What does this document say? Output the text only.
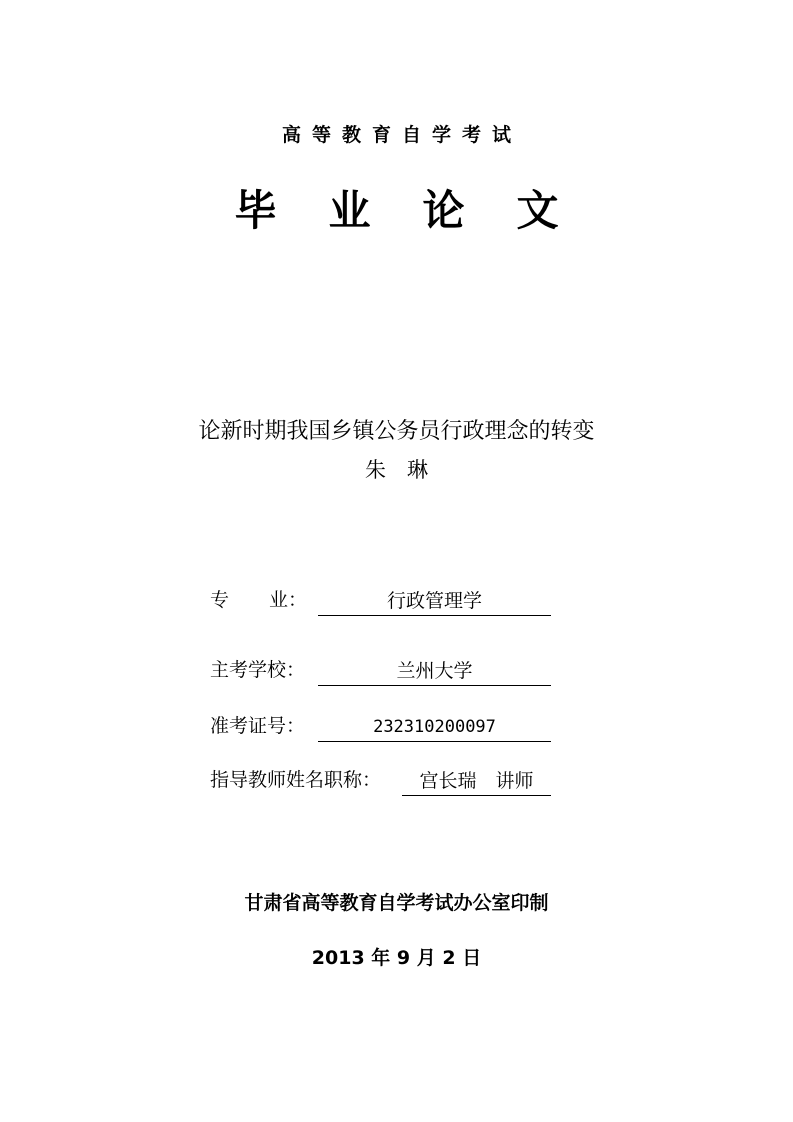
高等教育自学考试
毕业论文
论新时期我国乡镇公务员行政理念的转变
朱　琳
专 业：	行政管理学
主考学校：	兰州大学
准考证号：	232310200097
指导教师姓名职称：	宫长瑞　讲师
甘肃省高等教育自学考试办公室印制
2013 年 9 月 2 日
